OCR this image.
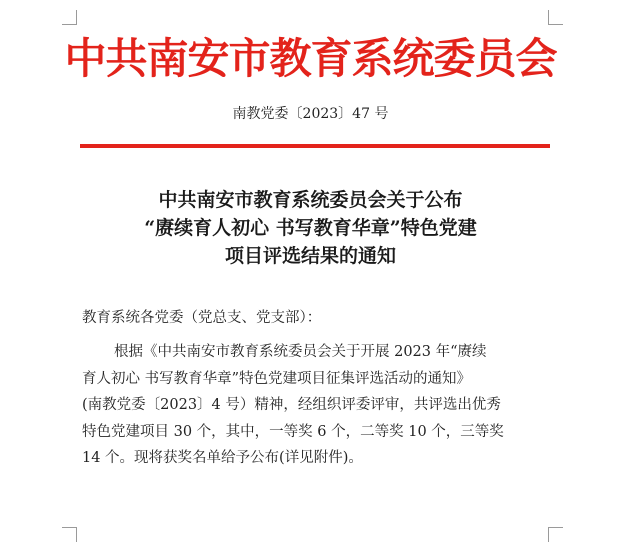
中共南安市教育系统委员会
南教党委〔2023〕47 号
中共南安市教育系统委员会关于公布
“赓续育人初心 书写教育华章”特色党建
项目评选结果的通知
教育系统各党委（党总支、党支部）：
根据《中共南安市教育系统委员会关于开展 2023 年“赓续
育人初心 书写教育华章”特色党建项目征集评选活动的通知》
(南教党委〔2023〕4 号）精神，经组织评委评审，共评选出优秀
特色党建项目 30 个，其中，一等奖 6 个，二等奖 10 个，三等奖
14 个。现将获奖名单给予公布(详见附件)。
